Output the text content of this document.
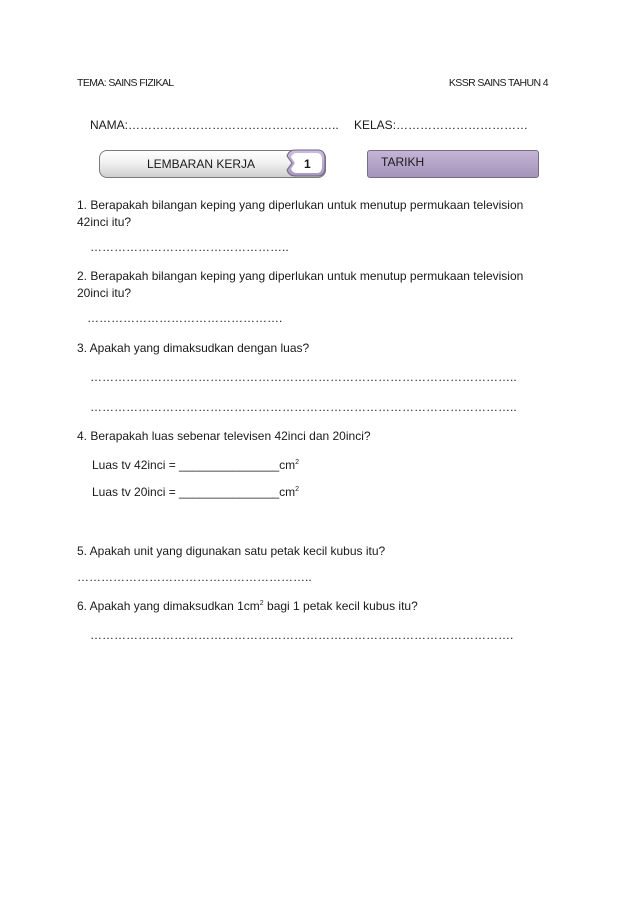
TEMA: SAINS FIZIKAL	KSSR SAINS TAHUN 4
NAMA:…………………………………………….. KELAS:……………………………
LEMBARAN KERJA	1	TARIKH
1. Berapakah bilangan keping yang diperlukan untuk menutup permukaan television 42inci itu?
…………………………………………..
2. Berapakah bilangan keping yang diperlukan untuk menutup permukaan television 20inci itu?
………………………………………….
3. Apakah yang dimaksudkan dengan luas?
……………………………………………………………………………………………..
……………………………………………………………………………………………..
4. Berapakah luas sebenar televisen 42inci dan 20inci?
Luas tv 42inci = $\_\_\_\_\_\_\_\_\_\_\_\_\_\_\_cm^2$
Luas tv 20inci = $\_\_\_\_\_\_\_\_\_\_\_\_\_\_\_cm^2$
5. Apakah unit yang digunakan satu petak kecil kubus itu?
…………………………………………………..
6. Apakah yang dimaksudkan $1cm^2$ bagi 1 petak kecil kubus itu?
…………………………………………………………………………………………….
